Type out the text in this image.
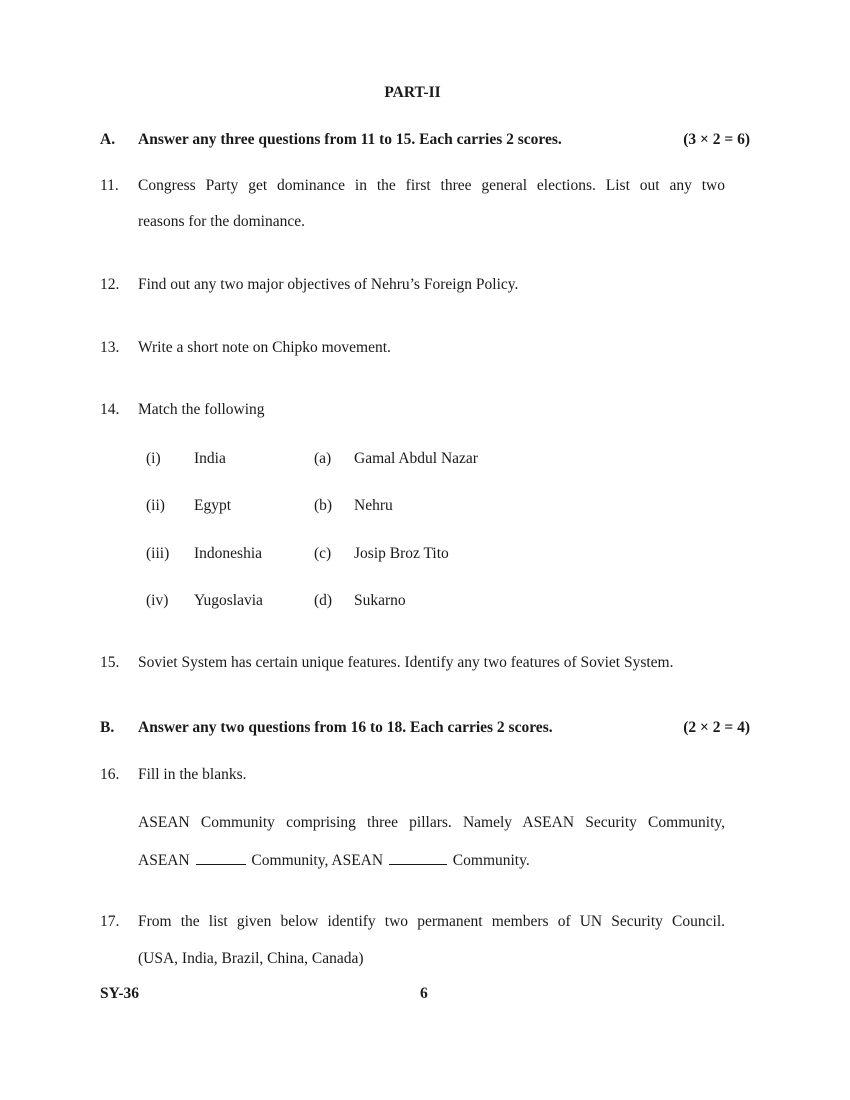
PART-II
A. Answer any three questions from 11 to 15. Each carries 2 scores.	(3 × 2 = 6)
11. Congress Party get dominance in the first three general elections. List out any two
reasons for the dominance.
12. Find out any two major objectives of Nehru’s Foreign Policy.
13. Write a short note on Chipko movement.
14. Match the following
(i) India	(a) Gamal Abdul Nazar
(ii) Egypt	(b) Nehru
(iii) Indoneshia	(c) Josip Broz Tito
(iv) Yugoslavia	(d) Sukarno
15. Soviet System has certain unique features. Identify any two features of Soviet System.
B. Answer any two questions from 16 to 18. Each carries 2 scores.	(2 × 2 = 4)
16. Fill in the blanks.
ASEAN Community comprising three pillars. Namely ASEAN Security Community,
ASEAN	Community, ASEAN	Community.
17. From the list given below identify two permanent members of UN Security Council.
(USA, India, Brazil, China, Canada)
SY-36	6
